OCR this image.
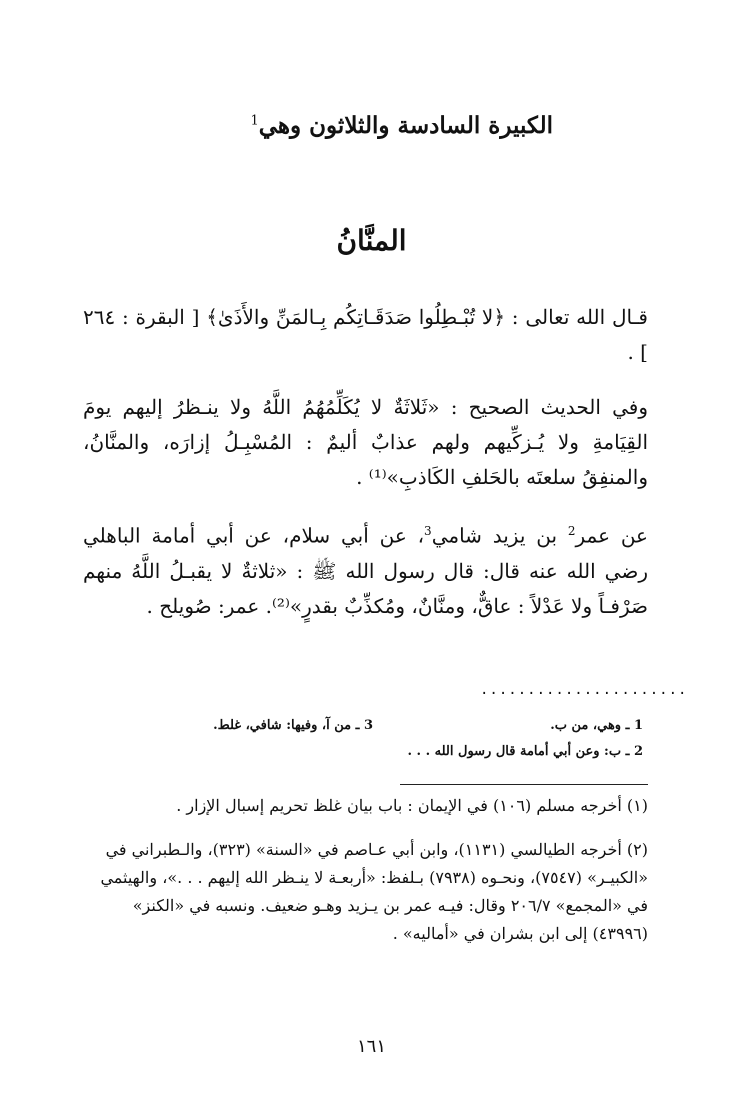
الكبيرة السادسة والثلاثون وهي$^1$
المنَّانُ
قـال الله تعالى : ﴿لا تُبْـطِلُوا صَدَقَـاتِكُم بِـالمَنِّ والأَذَىٰ﴾ [ البقرة : ٢٦٤ ] .
وفي الحديث الصحيح : «ثَلاثَةٌ لا يُكَلِّمُهُمُ اللَّهُ ولا ينـظرُ إليهم يومَ القِيَامةِ ولا يُـزكِّيهم ولهم عذابٌ أليمٌ : المُسْبِـلُ إزارَه، والمنَّانُ، والمنفِقُ سلعتَه بالحَلفِ الكَاذبِ»⁽¹⁾ .
عن عمر$^2$ بن يزيد شامي$^3$، عن أبي سلام، عن أبي أمامة الباهلي رضي الله عنه قال: قال رسول الله ﷺ : «ثلاثةٌ لا يقبـلُ اللَّهُ منهم صَرْفـاً ولا عَدْلاً : عاقٌّ، ومنَّانٌ، ومُكذِّبٌ بقدرٍ»⁽²⁾. عمر: صُويلح .
......................
1 ـ وهي، من ب.
3 ـ من آ، وفيها: شافي، غلط.
2 ـ ب: وعن أبي أمامة قال رسول الله . . .
(١) أخرجه مسلم (١٠٦) في الإيمان : باب بيان غلظ تحريم إسبال الإزار .
(٢) أخرجه الطيالسي (١١٣١)، وابن أبي عـاصم في «السنة» (٣٢٣)، والـطبراني في «الكبيـر» (٧٥٤٧)، ونحـوه (٧٩٣٨) بـلفظ: «أربعـة لا ينـظر الله إليهم . . .»، والهيثمي في «المجمع» ٢٠٦/٧ وقال: فيـه عمر بن يـزيد وهـو ضعيف. ونسبه في «الكنز» (٤٣٩٩٦) إلى ابن بشران في «أماليه» .
١٦١
